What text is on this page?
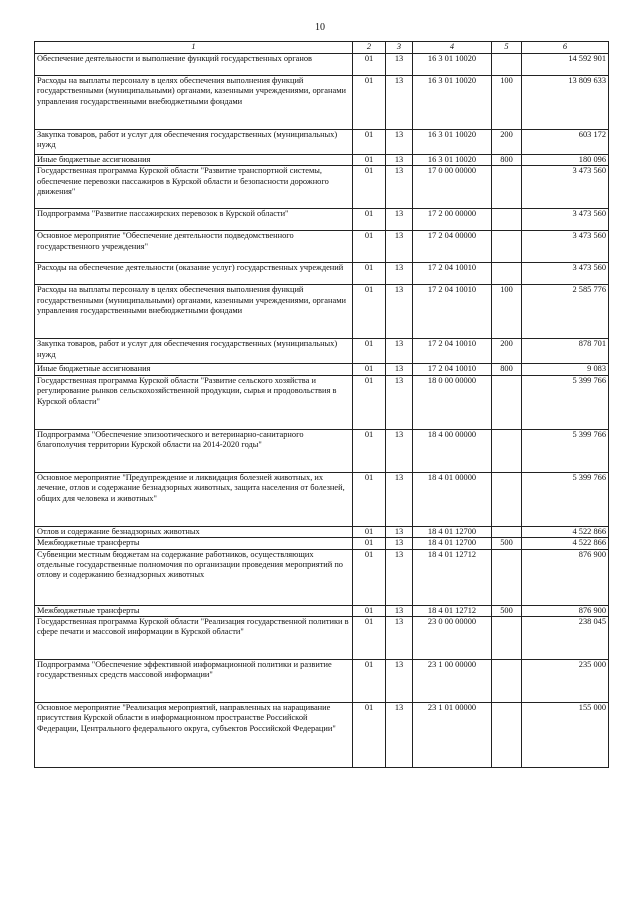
10
1	2	3	4	5	6
Обеспечение деятельности и выполнение функций государственных органов	01	13	16 3 01 10020		14 592 901
Расходы на выплаты персоналу в целях обеспечения выполнения функций государственными (муниципальными) органами, казенными учреждениями, органами управления государственными внебюджетными фондами	01	13	16 3 01 10020	100	13 809 633
Закупка товаров, работ и услуг для обеспечения государственных (муниципальных) нужд	01	13	16 3 01 10020	200	603 172
Иные бюджетные ассигнования	01	13	16 3 01 10020	800	180 096
Государственная программа Курской области "Развитие транспортной системы, обеспечение перевозки пассажиров в Курской области и безопасности дорожного движения"	01	13	17 0 00 00000		3 473 560
Подпрограмма "Развитие пассажирских перевозок в Курской области"	01	13	17 2 00 00000		3 473 560
Основное мероприятие "Обеспечение деятельности подведомственного государственного учреждения"	01	13	17 2 04 00000		3 473 560
Расходы на обеспечение деятельности (оказание услуг) государственных учреждений	01	13	17 2 04 10010		3 473 560
Расходы на выплаты персоналу в целях обеспечения выполнения функций государственными (муниципальными) органами, казенными учреждениями, органами управления государственными внебюджетными фондами	01	13	17 2 04 10010	100	2 585 776
Закупка товаров, работ и услуг для обеспечения государственных (муниципальных) нужд	01	13	17 2 04 10010	200	878 701
Иные бюджетные ассигнования	01	13	17 2 04 10010	800	9 083
Государственная программа Курской области "Развитие сельского хозяйства и регулирование рынков сельскохозяйственной продукции, сырья и продовольствия в Курской области"	01	13	18 0 00 00000		5 399 766
Подпрограмма "Обеспечение эпизоотического и ветеринарно-санитарного благополучия территории Курской области на 2014-2020 годы"	01	13	18 4 00 00000		5 399 766
Основное мероприятие "Предупреждение и ликвидация болезней животных, их лечение, отлов и содержание безнадзорных животных, защита населения от болезней, общих для человека и животных"	01	13	18 4 01 00000		5 399 766
Отлов и содержание безнадзорных животных	01	13	18 4 01 12700		4 522 866
Межбюджетные трансферты	01	13	18 4 01 12700	500	4 522 866
Субвенции местным бюджетам на содержание работников, осуществляющих отдельные государственные полномочия по организации проведения мероприятий по отлову и содержанию безнадзорных животных	01	13	18 4 01 12712		876 900
Межбюджетные трансферты	01	13	18 4 01 12712	500	876 900
Государственная программа Курской области "Реализация государственной политики в сфере печати и массовой информации в Курской области"	01	13	23 0 00 00000		238 045
Подпрограмма "Обеспечение эффективной информационной политики и развитие государственных средств массовой информации"	01	13	23 1 00 00000		235 000
Основное мероприятие "Реализация мероприятий, направленных на наращивание присутствия Курской области в информационном пространстве Российской Федерации, Центрального федерального округа, субъектов Российской Федерации"	01	13	23 1 01 00000		155 000
